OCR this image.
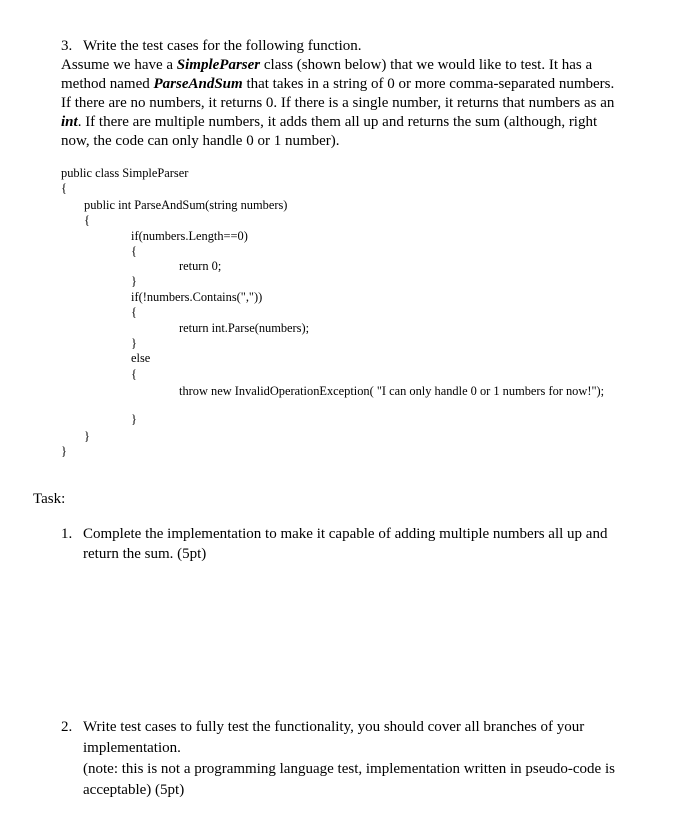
3. Write the test cases for the following function.
Assume we have a SimpleParser class (shown below) that we would like to test. It has a
method named ParseAndSum that takes in a string of 0 or more comma-separated numbers.
If there are no numbers, it returns 0. If there is a single number, it returns that numbers as an
int. If there are multiple numbers, it adds them all up and returns the sum (although, right
now, the code can only handle 0 or 1 number).
public class SimpleParser
{
public int ParseAndSum(string numbers)
{
if(numbers.Length==0)
{
return 0;
}
if(!numbers.Contains(","))
{
return int.Parse(numbers);
}
else
{
throw new InvalidOperationException( "I can only handle 0 or 1 numbers for now!");
}
}
}
Task:
1. Complete the implementation to make it capable of adding multiple numbers all up and
return the sum. (5pt)
2. Write test cases to fully test the functionality, you should cover all branches of your
implementation.
(note: this is not a programming language test, implementation written in pseudo-code is
acceptable) (5pt)
